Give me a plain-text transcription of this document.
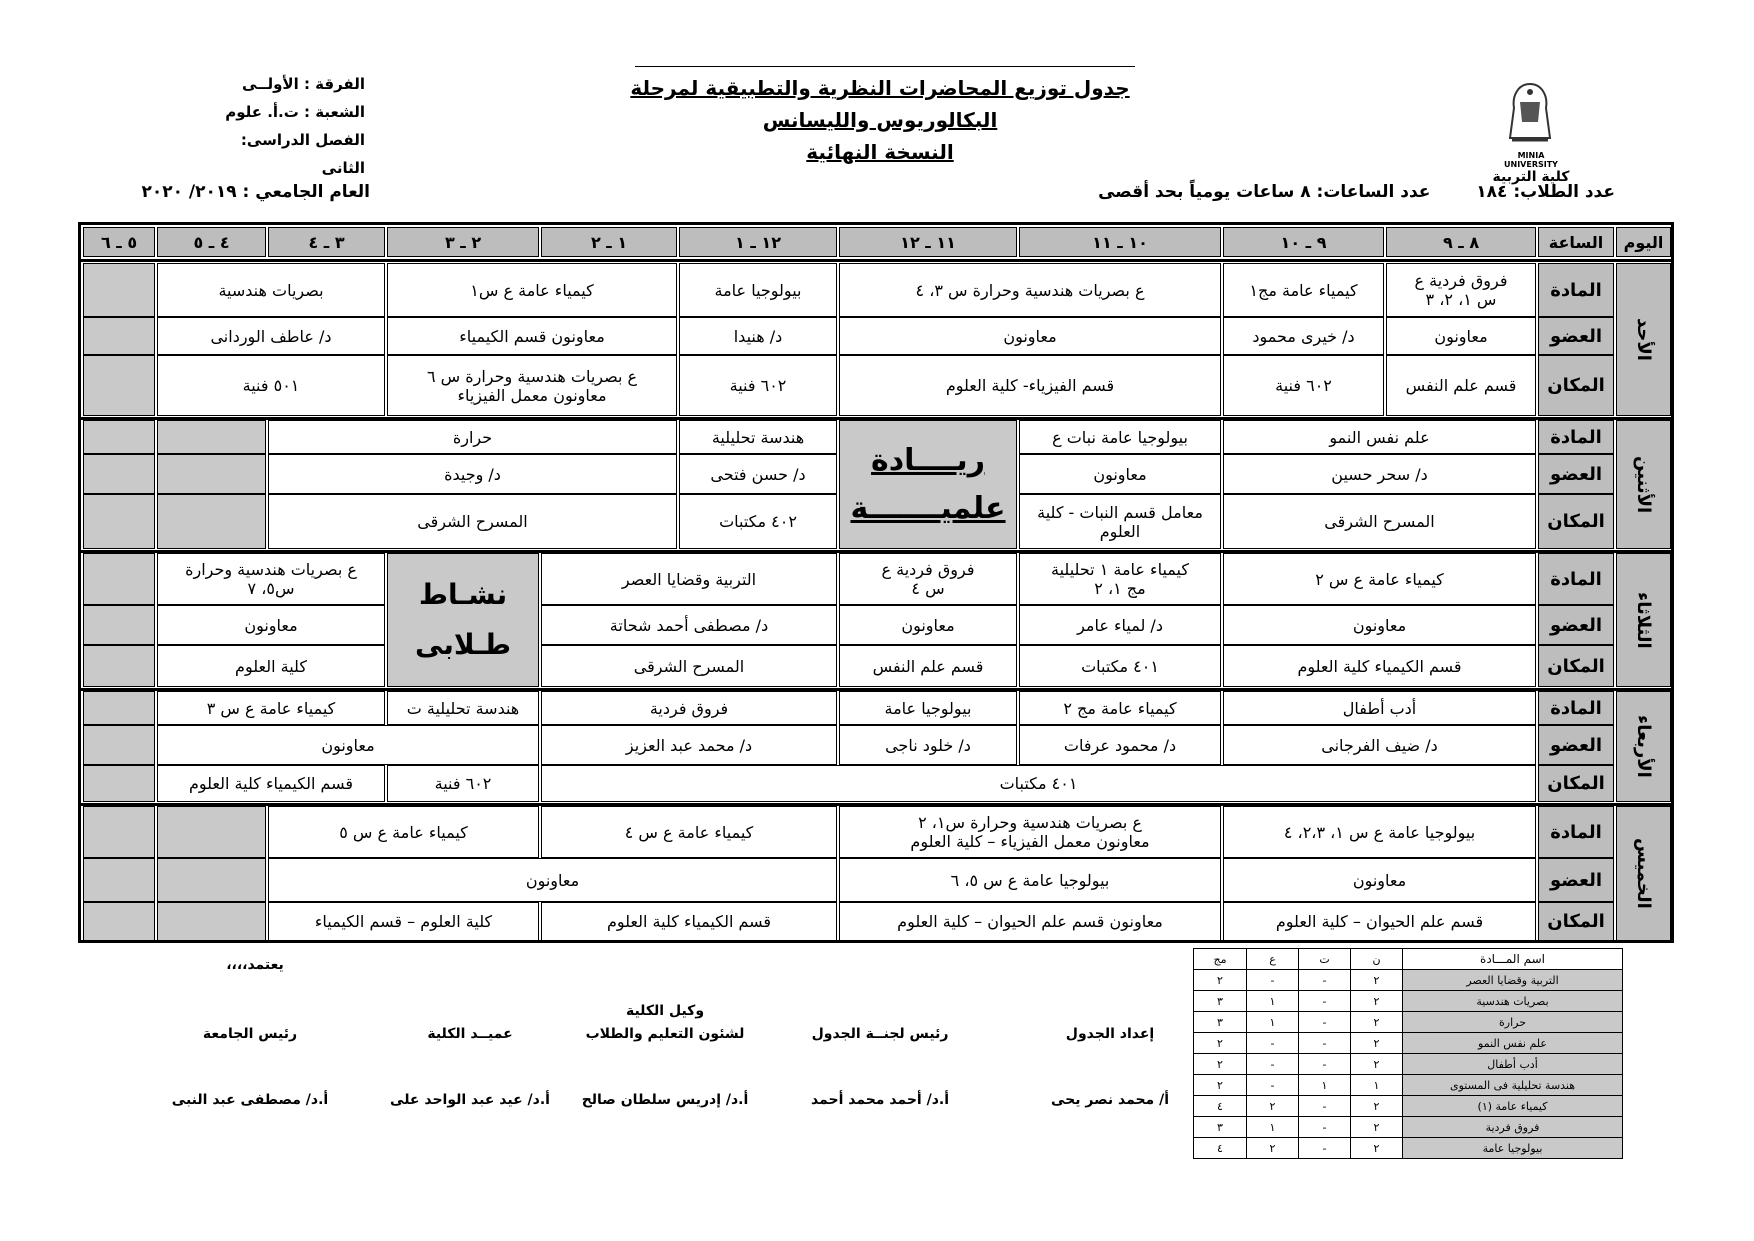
الفرقة : الأولــى
الشعبة : ت.أ. علوم
الفصل الدراسى: الثانى
العام الجامعي : ٢٠١٩/ ٢٠٢٠
جدول توزيع المحاضرات النظرية والتطبيقية لمرحلة
البكالوريوس والليسانس
النسخة النهائية	MINIA UNIVERSITY
كلية التربية
عدد الطلاب: ١٨٤ عدد الساعات: ٨ ساعات يومياً بحد أقصى
اليوم
الساعة
٨ ـ ٩
٩ ـ ١٠
١٠ ـ ١١
١١ ـ ١٢
١٢ ـ ١
١ ـ ٢
٢ ـ ٣
٣ ـ ٤
٤ ـ ٥
٥ ـ ٦
الأحد
المادة
العضو
المكان
فروق فردية ع
س ١، ٢، ٣
كيمياء عامة مج١
ع بصريات هندسية وحرارة س ٣، ٤
بيولوجيا عامة
كيمياء عامة ع س١
بصريات هندسية
معاونون
د/ خيرى محمود
معاونون
د/ هنيدا
معاونون قسم الكيمياء
د/ عاطف الوردانى
قسم علم النفس
٦٠٢ فنية
قسم الفيزياء- كلية العلوم
٦٠٢ فنية
ع بصريات هندسية وحرارة س ٦
معاونون معمل الفيزياء
٥٠١ فنية
الأثنين
المادة
العضو
المكان
علم نفس النمو
بيولوجيا عامة نبات ع
ريــــادة
علميـــــــة
هندسة تحليلية
حرارة
د/ سحر حسين
معاونون
د/ حسن فتحى
د/ وجيدة
المسرح الشرقى
معامل قسم النبات - كلية العلوم
٤٠٢ مكتبات
المسرح الشرقى
الثلاثاء
المادة
العضو
المكان
كيمياء عامة ع س ٢
كيمياء عامة ١ تحليلية
مج ١، ٢
فروق فردية ع
س ٤
التربية وقضايا العصر
نشـاط
طـلابى
ع بصريات هندسية وحرارة
س٥، ٧
معاونون
د/ لمياء عامر
معاونون
د/ مصطفى أحمد شحاتة
معاونون
قسم الكيمياء كلية العلوم
٤٠١ مكتبات
قسم علم النفس
المسرح الشرقى
كلية العلوم
الأربعاء
المادة
العضو
المكان
أدب أطفال
كيمياء عامة مج ٢
بيولوجيا عامة
فروق فردية
هندسة تحليلية ت
كيمياء عامة ع س ٣
د/ ضيف الفرجانى
د/ محمود عرفات
د/ خلود ناجى
د/ محمد عبد العزيز
معاونون
٤٠١ مكتبات
٦٠٢ فنية
قسم الكيمياء كلية العلوم
الخميس
المادة
العضو
المكان
بيولوجيا عامة ع س ١، ٢،٣، ٤
ع بصريات هندسية وحرارة س١، ٢
معاونون معمل الفيزياء – كلية العلوم
كيمياء عامة ع س ٤
كيمياء عامة ع س ٥
معاونون
بيولوجيا عامة ع س ٥، ٦
معاونون
قسم علم الحيوان – كلية العلوم
معاونون قسم علم الحيوان – كلية العلوم
قسم الكيمياء كلية العلوم
كلية العلوم – قسم الكيمياء
اسم المـــادة
ن
ت
ع
مج
التربية وقضايا العصر
٢
-
-
٢
بصريات هندسية
٢
-
١
٣
حرارة
٢
-
١
٣
علم نفس النمو
٢
-
-
٢
أدب أطفال
٢
-
-
٢
هندسة تحليلية فى المستوى
١
١
-
٢
كيمياء عامة (١)
٢
-
٢
٤
فروق فردية
٢
-
١
٣
بيولوجيا عامة
٢
-
٢
٤
يعتمد،،،،
إعداد الجدول
أ/ محمد نصر يحى
رئيس لجنــة الجدول
أ.د/ أحمد محمد أحمد
وكيل الكلية
لشئون التعليم والطلاب
أ.د/ إدريس سلطان صالح
عميــد الكلية
أ.د/ عيد عبد الواحد على
رئيس الجامعة
أ.د/ مصطفى عبد النبى
